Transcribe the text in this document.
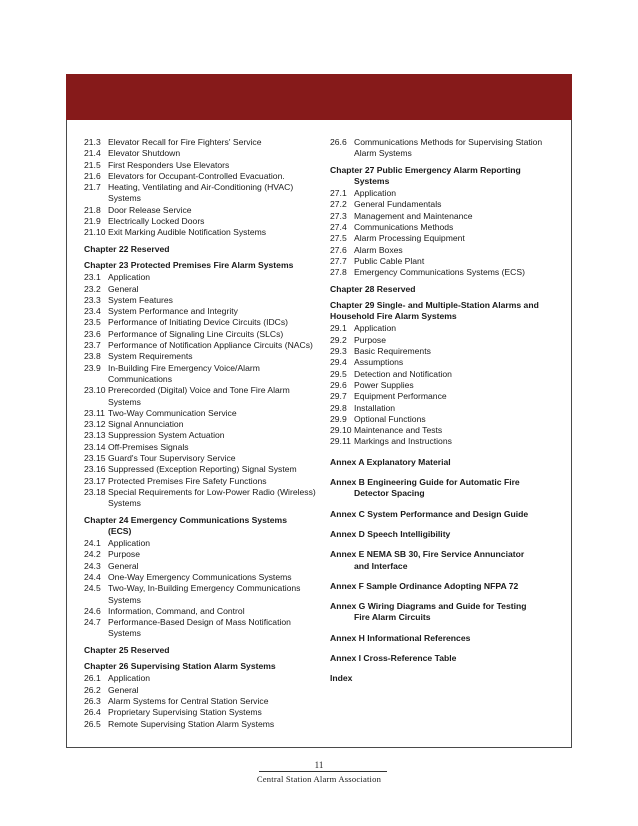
21.3 Elevator Recall for Fire Fighters' Service
21.4 Elevator Shutdown
21.5 First Responders Use Elevators
21.6 Elevators for Occupant-Controlled Evacuation.
21.7 Heating, Ventilating and Air-Conditioning (HVAC) Systems
21.8 Door Release Service
21.9 Electrically Locked Doors
21.10 Exit Marking Audible Notification Systems
Chapter 22 Reserved
Chapter 23 Protected Premises Fire Alarm Systems
23.1 Application
23.2 General
23.3 System Features
23.4 System Performance and Integrity
23.5 Performance of Initiating Device Circuits (IDCs)
23.6 Performance of Signaling Line Circuits (SLCs)
23.7 Performance of Notification Appliance Circuits (NACs)
23.8 System Requirements
23.9 In-Building Fire Emergency Voice/Alarm Communications
23.10 Prerecorded (Digital) Voice and Tone Fire Alarm Systems
23.11 Two-Way Communication Service
23.12 Signal Annunciation
23.13 Suppression System Actuation
23.14 Off-Premises Signals
23.15 Guard's Tour Supervisory Service
23.16 Suppressed (Exception Reporting) Signal System
23.17 Protected Premises Fire Safety Functions
23.18 Special Requirements for Low-Power Radio (Wireless) Systems
Chapter 24 Emergency Communications Systems
(ECS)
24.1 Application
24.2 Purpose
24.3 General
24.4 One-Way Emergency Communications Systems
24.5 Two-Way, In-Building Emergency Communications Systems
24.6 Information, Command, and Control
24.7 Performance-Based Design of Mass Notification Systems
Chapter 25 Reserved
Chapter 26 Supervising Station Alarm Systems
26.1 Application
26.2 General
26.3 Alarm Systems for Central Station Service
26.4 Proprietary Supervising Station Systems
26.5 Remote Supervising Station Alarm Systems
26.6 Communications Methods for Supervising Station Alarm Systems
Chapter 27 Public Emergency Alarm Reporting
Systems
27.1 Application
27.2 General Fundamentals
27.3 Management and Maintenance
27.4 Communications Methods
27.5 Alarm Processing Equipment
27.6 Alarm Boxes
27.7 Public Cable Plant
27.8 Emergency Communications Systems (ECS)
Chapter 28 Reserved
Chapter 29 Single- and Multiple-Station Alarms and Household Fire Alarm Systems
29.1 Application
29.2 Purpose
29.3 Basic Requirements
29.4 Assumptions
29.5 Detection and Notification
29.6 Power Supplies
29.7 Equipment Performance
29.8 Installation
29.9 Optional Functions
29.10 Maintenance and Tests
29.11 Markings and Instructions
Annex A Explanatory Material
Annex B Engineering Guide for Automatic Fire
Detector Spacing
Annex C System Performance and Design Guide
Annex D Speech Intelligibility
Annex E NEMA SB 30, Fire Service Annunciator
and Interface
Annex F Sample Ordinance Adopting NFPA 72
Annex G Wiring Diagrams and Guide for Testing
Fire Alarm Circuits
Annex H Informational References
Annex I Cross-Reference Table
Index
11
Central Station Alarm Association
